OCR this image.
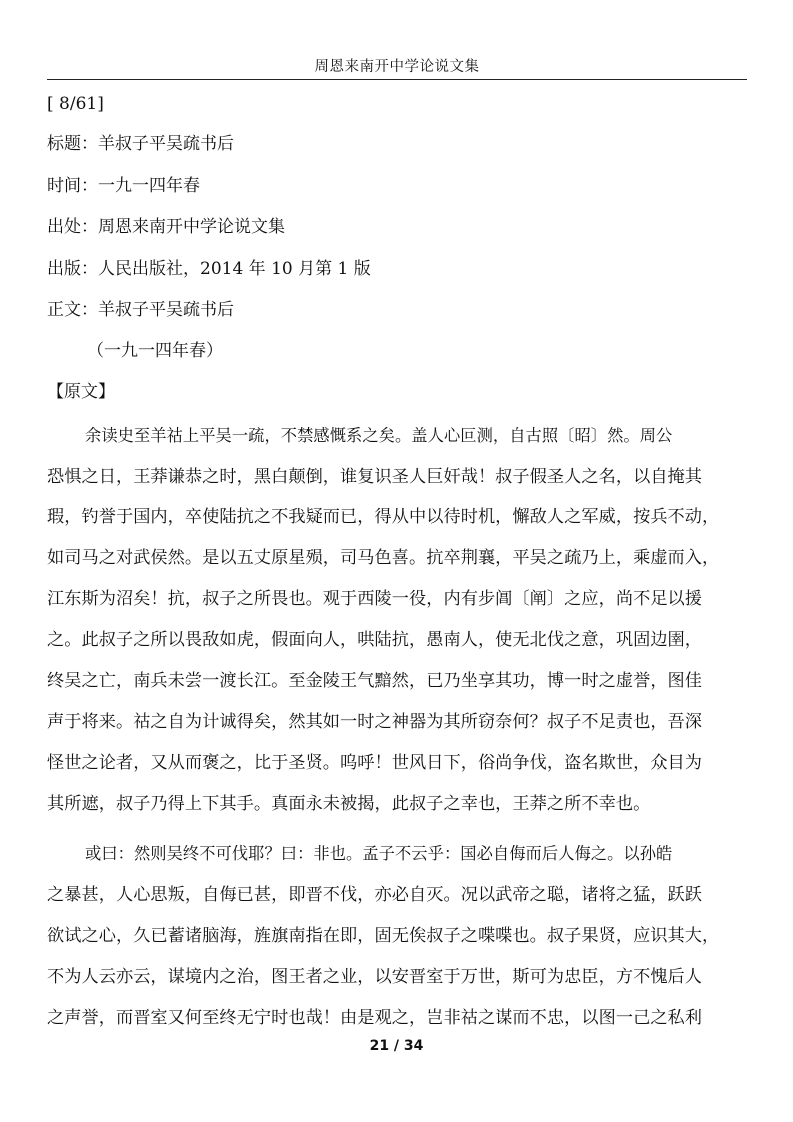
周恩来南开中学论说文集
[ 8/61]
标题：羊叔子平吴疏书后
时间：一九一四年春
出处：周恩来南开中学论说文集
出版：人民出版社，2014 年 10 月第 1 版
正文：羊叔子平吴疏书后
（一九一四年春）
【原文】
余读史至羊祜上平吴一疏，不禁感慨系之矣。盖人心叵测，自古照〔昭〕然。周公
恐惧之日，王莽谦恭之时，黑白颠倒，谁复识圣人巨奸哉！叔子假圣人之名，以自掩其
瑕，钓誉于国内，卒使陆抗之不我疑而已，得从中以待时机，懈敌人之军威，按兵不动，
如司马之对武侯然。是以五丈原星殒，司马色喜。抗卒荆襄，平吴之疏乃上，乘虚而入，
江东斯为沼矣！抗，叔子之所畏也。观于西陵一役，内有步阊〔阐〕之应，尚不足以援
之。此叔子之所以畏敌如虎，假面向人，哄陆抗，愚南人，使无北伐之意，巩固边圉，
终吴之亡，南兵未尝一渡长江。至金陵王气黯然，已乃坐享其功，博一时之虚誉，图佳
声于将来。祜之自为计诚得矣，然其如一时之神器为其所窃奈何？叔子不足责也，吾深
怪世之论者，又从而褒之，比于圣贤。呜呼！世风日下，俗尚争伐，盗名欺世，众目为
其所遮，叔子乃得上下其手。真面永未被揭，此叔子之幸也，王莽之所不幸也。
或曰：然则吴终不可伐耶？曰：非也。孟子不云乎：国必自侮而后人侮之。以孙皓
之暴甚，人心思叛，自侮已甚，即晋不伐，亦必自灭。况以武帝之聪，诸将之猛，跃跃
欲试之心，久已蓄诸脑海，旌旗南指在即，固无俟叔子之喋喋也。叔子果贤，应识其大，
不为人云亦云，谋境内之治，图王者之业，以安晋室于万世，斯可为忠臣，方不愧后人
之声誉，而晋室又何至终无宁时也哉！由是观之，岂非祜之谋而不忠，以图一己之私利
21 / 34
